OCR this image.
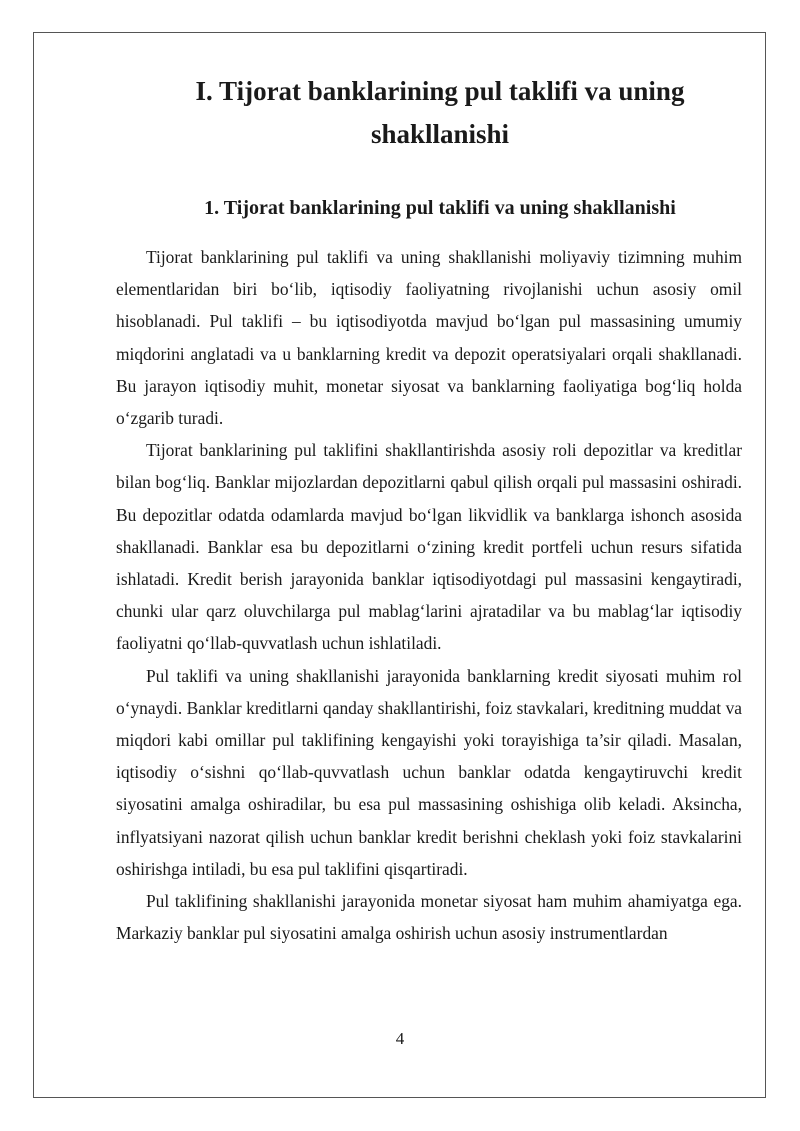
I. Tijorat banklarining pul taklifi va uning
shakllanishi
1. Tijorat banklarining pul taklifi va uning shakllanishi

Tijorat banklarining pul taklifi va uning shakllanishi moliyaviy tizimning muhim elementlaridan biri bo‘lib, iqtisodiy faoliyatning rivojlanishi uchun asosiy omil hisoblanadi. Pul taklifi – bu iqtisodiyotda mavjud bo‘lgan pul massasining umumiy miqdorini anglatadi va u banklarning kredit va depozit operatsiyalari orqali shakllanadi. Bu jarayon iqtisodiy muhit, monetar siyosat va banklarning faoliyatiga bog‘liq holda o‘zgarib turadi.

Tijorat banklarining pul taklifini shakllantirishda asosiy roli depozitlar va kreditlar bilan bog‘liq. Banklar mijozlardan depozitlarni qabul qilish orqali pul massasini oshiradi. Bu depozitlar odatda odamlarda mavjud bo‘lgan likvidlik va banklarga ishonch asosida shakllanadi. Banklar esa bu depozitlarni o‘zining kredit portfeli uchun resurs sifatida ishlatadi. Kredit berish jarayonida banklar iqtisodiyotdagi pul massasini kengaytiradi, chunki ular qarz oluvchilarga pul mablag‘larini ajratadilar va bu mablag‘lar iqtisodiy faoliyatni qo‘llab-quvvatlash uchun ishlatiladi.

Pul taklifi va uning shakllanishi jarayonida banklarning kredit siyosati muhim rol o‘ynaydi. Banklar kreditlarni qanday shakllantirishi, foiz stavkalari, kreditning muddat va miqdori kabi omillar pul taklifining kengayishi yoki torayishiga ta’sir qiladi. Masalan, iqtisodiy o‘sishni qo‘llab-quvvatlash uchun banklar odatda kengaytiruvchi kredit siyosatini amalga oshiradilar, bu esa pul massasining oshishiga olib keladi. Aksincha, inflyatsiyani nazorat qilish uchun banklar kredit berishni cheklash yoki foiz stavkalarini oshirishga intiladi, bu esa pul taklifini qisqartiradi.

Pul taklifining shakllanishi jarayonida monetar siyosat ham muhim ahamiyatga ega. Markaziy banklar pul siyosatini amalga oshirish uchun asosiy instrumentlardan

4
